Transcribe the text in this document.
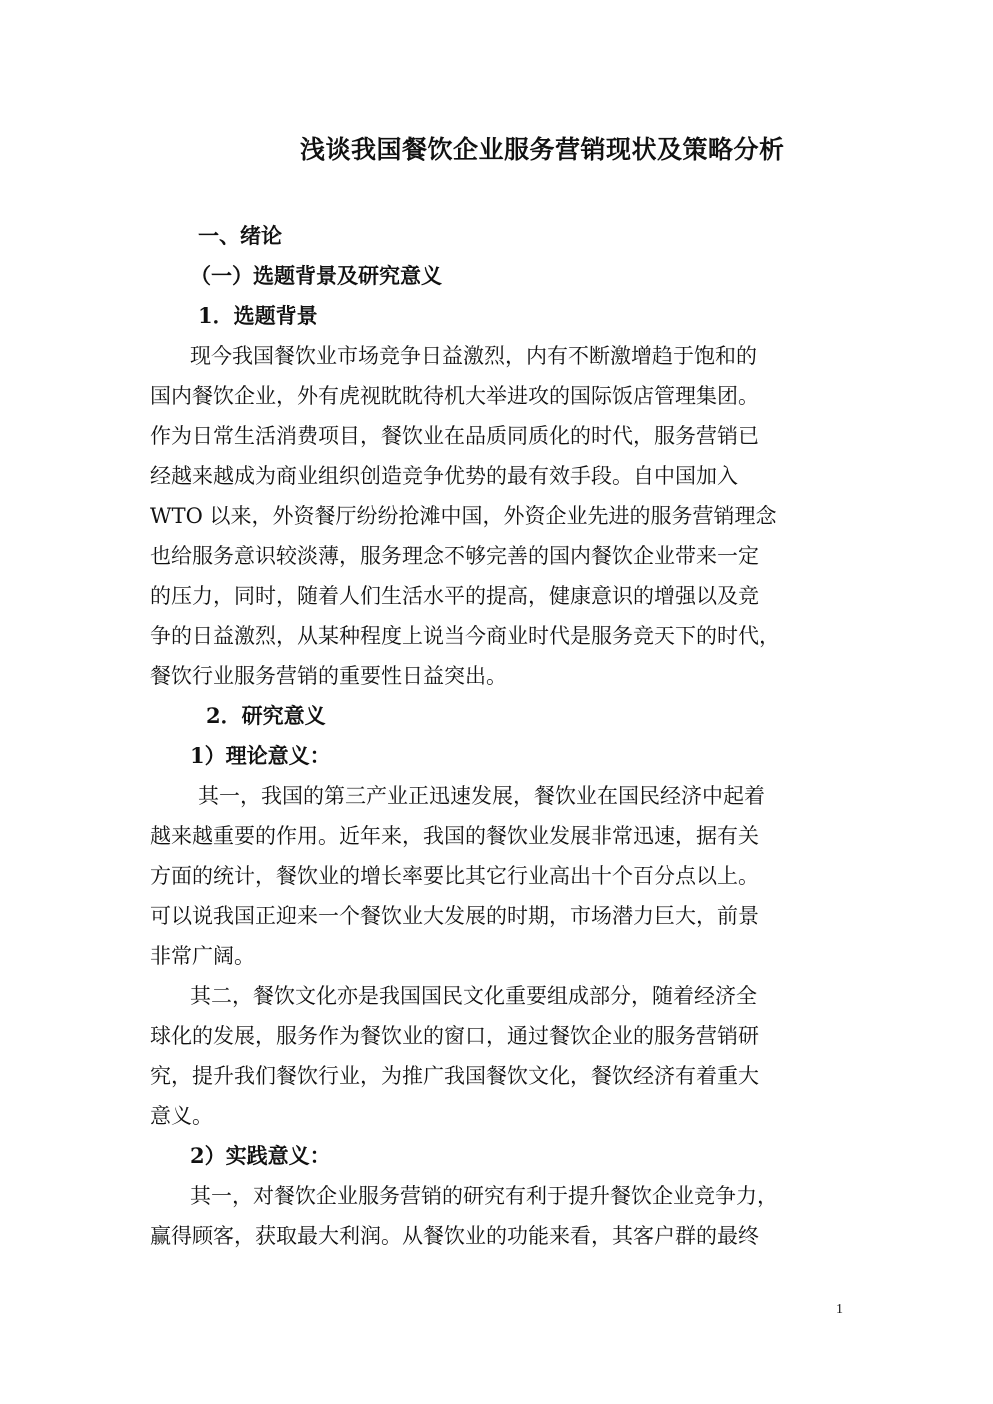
浅谈我国餐饮企业服务营销现状及策略分析
一、绪论
（一）选题背景及研究意义
1．选题背景
现今我国餐饮业市场竞争日益激烈，内有不断激增趋于饱和的
国内餐饮企业，外有虎视眈眈待机大举进攻的国际饭店管理集团。
作为日常生活消费项目，餐饮业在品质同质化的时代，服务营销已
经越来越成为商业组织创造竞争优势的最有效手段。自中国加入
WTO 以来，外资餐厅纷纷抢滩中国，外资企业先进的服务营销理念
也给服务意识较淡薄，服务理念不够完善的国内餐饮企业带来一定
的压力，同时，随着人们生活水平的提高，健康意识的增强以及竞
争的日益激烈，从某种程度上说当今商业时代是服务竞天下的时代，
餐饮行业服务营销的重要性日益突出。
2．研究意义
1）理论意义：
其一，我国的第三产业正迅速发展，餐饮业在国民经济中起着
越来越重要的作用。近年来，我国的餐饮业发展非常迅速，据有关
方面的统计，餐饮业的增长率要比其它行业高出十个百分点以上。
可以说我国正迎来一个餐饮业大发展的时期，市场潜力巨大，前景
非常广阔。
其二，餐饮文化亦是我国国民文化重要组成部分，随着经济全
球化的发展，服务作为餐饮业的窗口，通过餐饮企业的服务营销研
究，提升我们餐饮行业，为推广我国餐饮文化，餐饮经济有着重大
意义。
2）实践意义：
其一，对餐饮企业服务营销的研究有利于提升餐饮企业竞争力，
赢得顾客，获取最大利润。从餐饮业的功能来看，其客户群的最终
1
